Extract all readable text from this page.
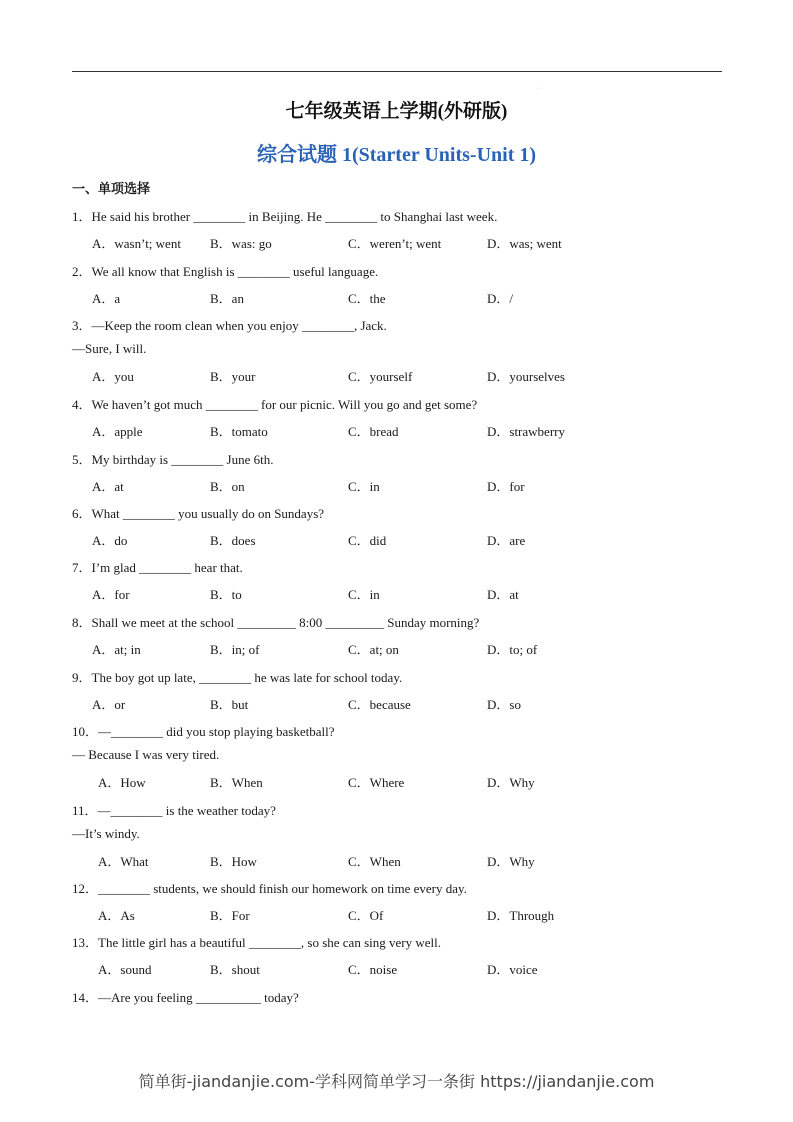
·
七年级英语上学期(外研版)
综合试题 1(Starter Units-Unit 1)
一、单项选择
1．He said his brother ________ in Beijing. He ________ to Shanghai last week.
A．wasn’t; went B．was: go	C．weren’t; went	D．was; went
2．We all know that English is ________ useful language.
A．a	B．an	C．the	D．/
3．—Keep the room clean when you enjoy ________, Jack.
—Sure, I will.
A．you	B．your	C．yourself	D．yourselves
4．We haven’t got much ________ for our picnic. Will you go and get some?
A．apple	B．tomato	C．bread	D．strawberry
5．My birthday is ________ June 6th.
A．at	B．on	C．in	D．for
6．What ________ you usually do on Sundays?
A．do	B．does	C．did	D．are
7．I’m glad ________ hear that.
A．for	B．to	C．in	D．at
8．Shall we meet at the school _________ 8:00 _________ Sunday morning?
A．at; in	B．in; of	C．at; on	D．to; of
9．The boy got up late, ________ he was late for school today.
A．or	B．but	C．because	D．so
10．—________ did you stop playing basketball?
— Because I was very tired.
A．How	B．When	C．Where	D．Why
11．—________ is the weather today?
—It’s windy.
A．What	B．How	C．When	D．Why
12．________ students, we should finish our homework on time every day.
A．As	B．For	C．Of	D．Through
13．The little girl has a beautiful ________, so she can sing very well.
A．sound	B．shout	C．noise	D．voice
14．—Are you feeling __________ today?
简单街-jiandanjie.com-学科网简单学习一条街 https://jiandanjie.com
